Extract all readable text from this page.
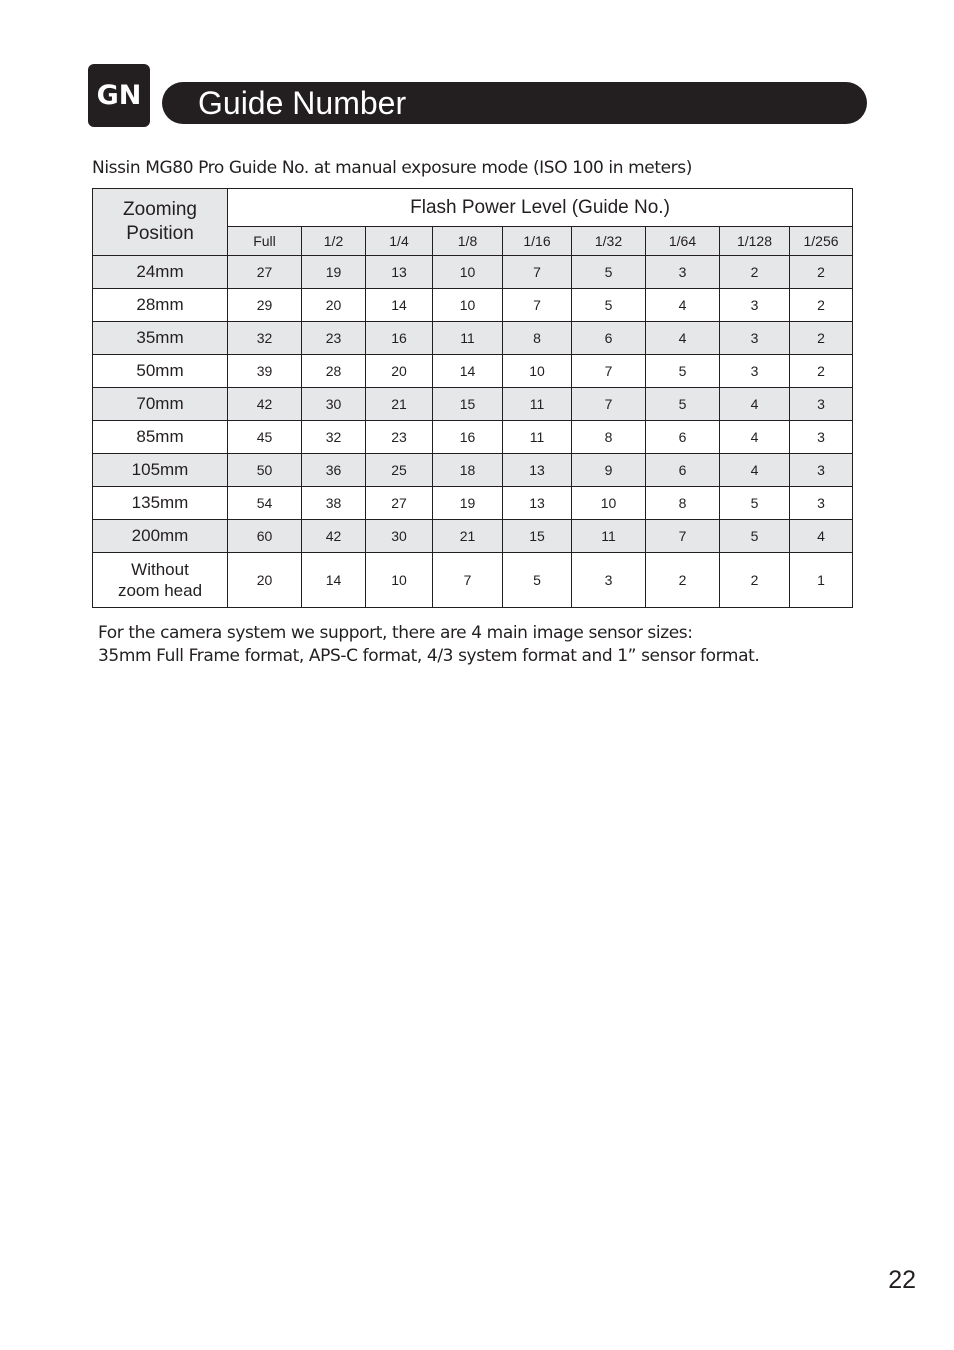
GN	Guide Number
Nissin MG80 Pro Guide No. at manual exposure mode (ISO 100 in meters)
Zooming
Position	Flash Power Level (Guide No.)								
	Full	1/2	1/4	1/8	1/16	1/32	1/64	1/128	1/256
24mm	27	19	13	10	7	5	3	2	2
28mm	29	20	14	10	7	5	4	3	2
35mm	32	23	16	11	8	6	4	3	2
50mm	39	28	20	14	10	7	5	3	2
70mm	42	30	21	15	11	7	5	4	3
85mm	45	32	23	16	11	8	6	4	3
105mm	50	36	25	18	13	9	6	4	3
135mm	54	38	27	19	13	10	8	5	3
200mm	60	42	30	21	15	11	7	5	4
Without
zoom head	20	14	10	7	5	3	2	2	1
For the camera system we support, there are 4 main image sensor sizes:
35mm Full Frame format, APS-C format, 4/3 system format and 1” sensor format.
22
